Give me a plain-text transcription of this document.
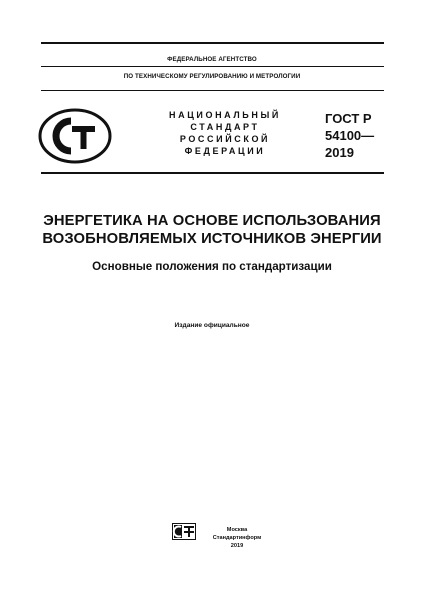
ФЕДЕРАЛЬНОЕ АГЕНТСТВО
ПО ТЕХНИЧЕСКОМУ РЕГУЛИРОВАНИЮ И МЕТРОЛОГИИ
НАЦИОНАЛЬНЫЙ
СТАНДАРТ
РОССИЙСКОЙ
ФЕДЕРАЦИИ
ГОСТ Р
54100—
2019
ЭНЕРГЕТИКА НА ОСНОВЕ ИСПОЛЬЗОВАНИЯ
ВОЗОБНОВЛЯЕМЫХ ИСТОЧНИКОВ ЭНЕРГИИ
Основные положения по стандартизации
Издание официальное
Москва
Стандартинформ
2019
